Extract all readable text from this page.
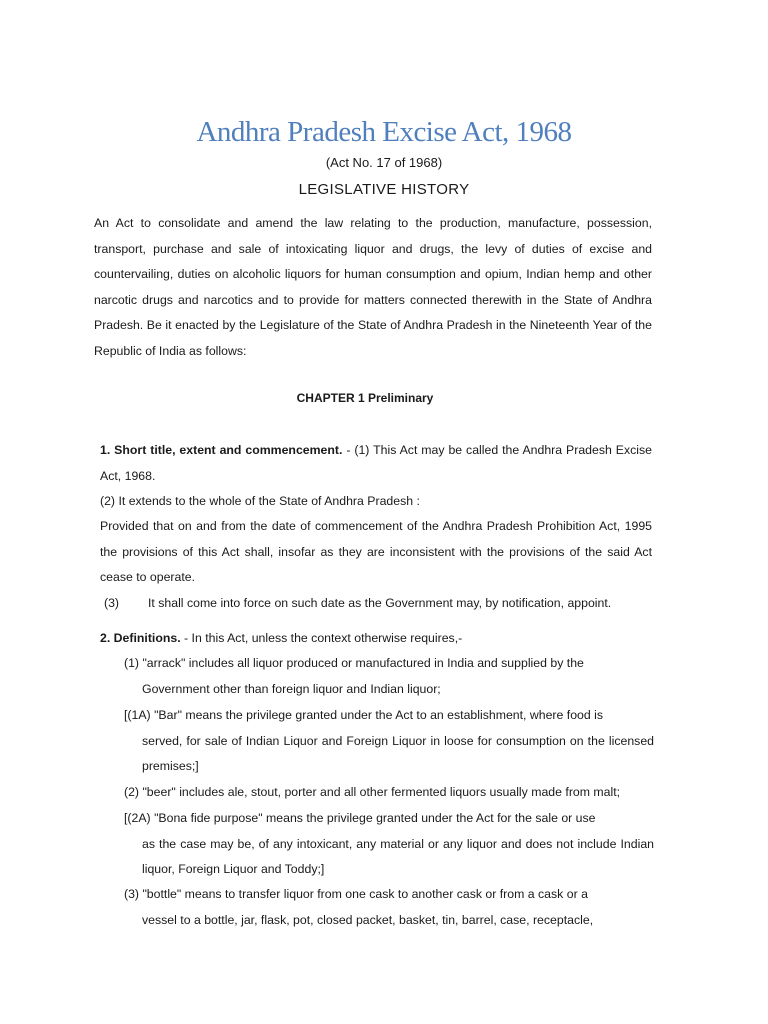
Andhra Pradesh Excise Act, 1968
(Act No. 17 of 1968)
LEGISLATIVE HISTORY
An Act to consolidate and amend the law relating to the production, manufacture, possession, transport, purchase and sale of intoxicating liquor and drugs, the levy of duties of excise and countervailing, duties on alcoholic liquors for human consumption and opium, Indian hemp and other narcotic drugs and narcotics and to provide for matters connected therewith in the State of Andhra Pradesh. Be it enacted by the Legislature of the State of Andhra Pradesh in the Nineteenth Year of the Republic of India as follows:
CHAPTER 1 Preliminary
1. Short title, extent and commencement. - (1) This Act may be called the Andhra Pradesh Excise Act, 1968.
(2) It extends to the whole of the State of Andhra Pradesh :
Provided that on and from the date of commencement of the Andhra Pradesh Prohibition Act, 1995 the provisions of this Act shall, insofar as they are inconsistent with the provisions of the said Act cease to operate.
(3) It shall come into force on such date as the Government may, by notification, appoint.
2. Definitions. - In this Act, unless the context otherwise requires,-
(1) "arrack" includes all liquor produced or manufactured in India and supplied by the
Government other than foreign liquor and Indian liquor;
[(1A) "Bar" means the privilege granted under the Act to an establishment, where food is
served, for sale of Indian Liquor and Foreign Liquor in loose for consumption on the licensed premises;]
(2) "beer" includes ale, stout, porter and all other fermented liquors usually made from malt;
[(2A) "Bona fide purpose" means the privilege granted under the Act for the sale or use
as the case may be, of any intoxicant, any material or any liquor and does not include Indian liquor, Foreign Liquor and Toddy;]
(3) "bottle" means to transfer liquor from one cask to another cask or from a cask or a
vessel to a bottle, jar, flask, pot, closed packet, basket, tin, barrel, case, receptacle,
